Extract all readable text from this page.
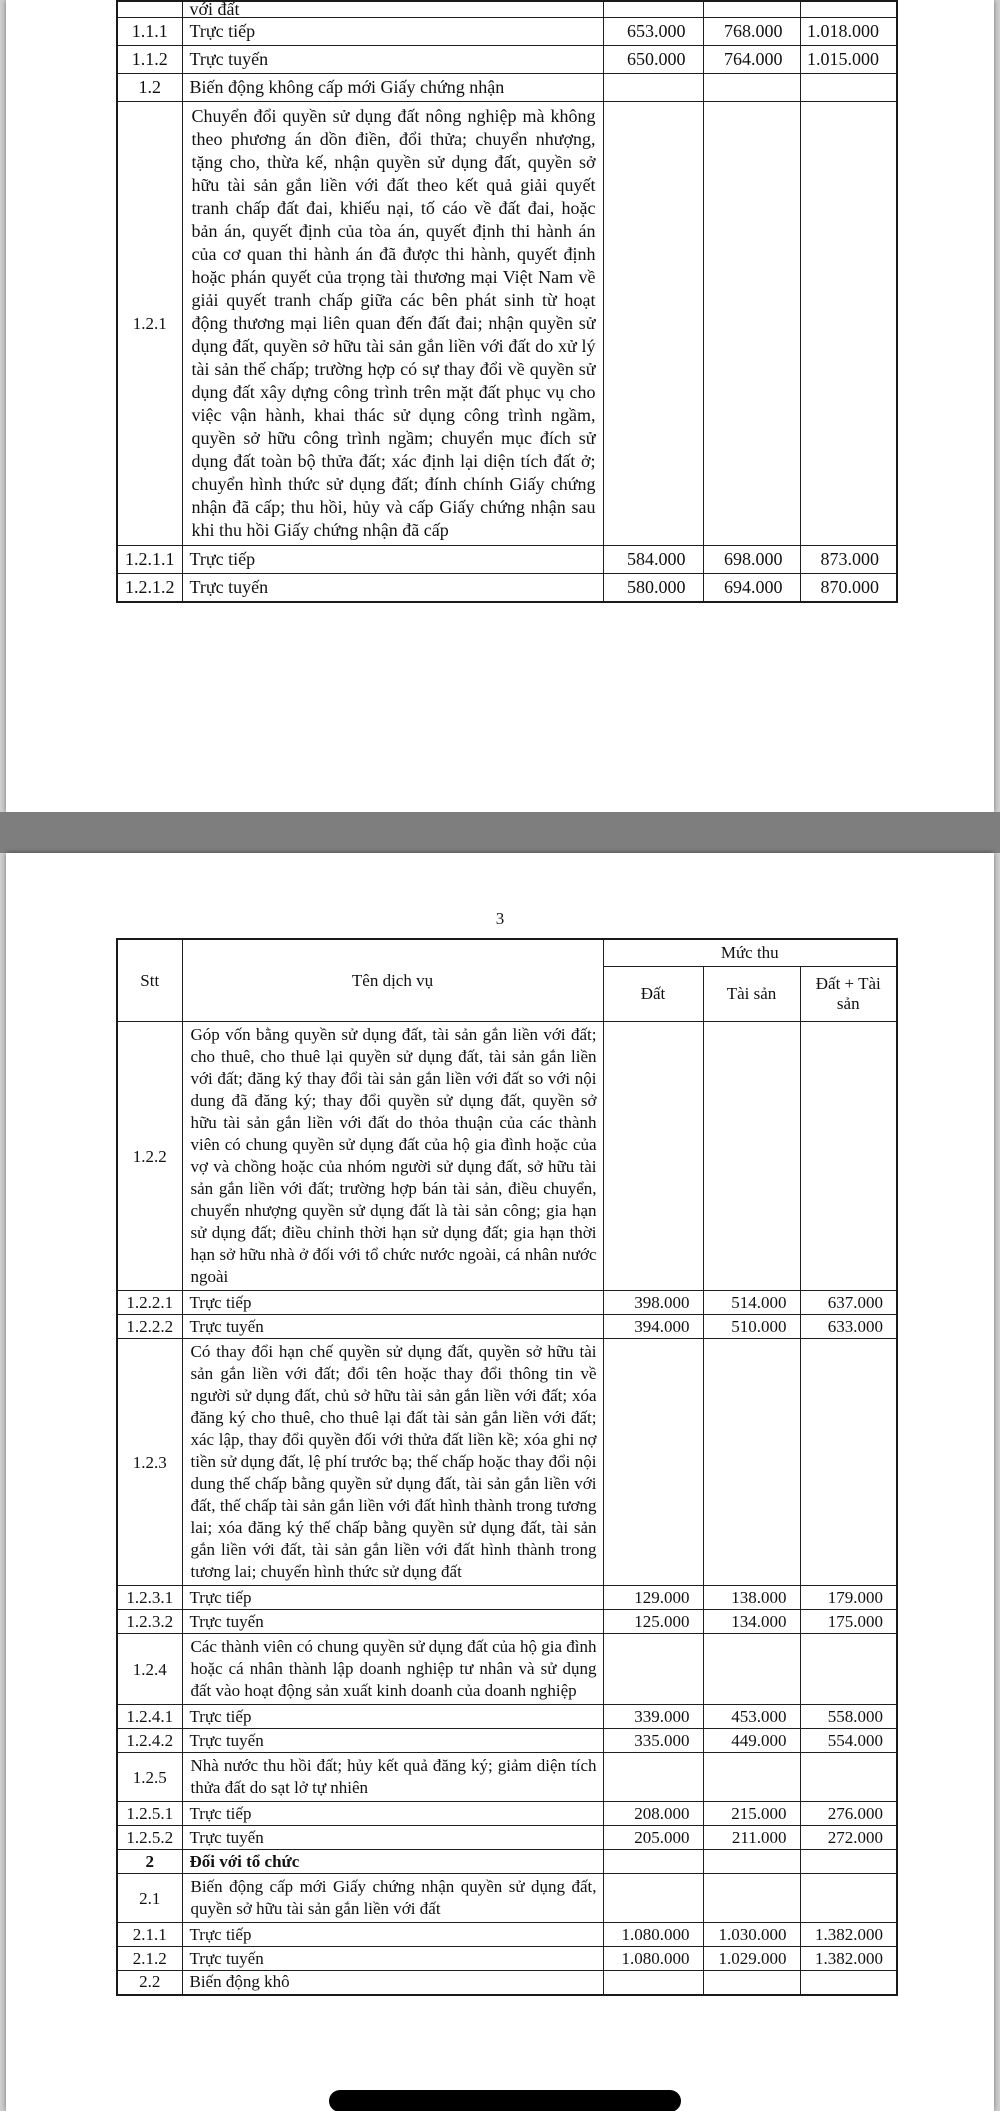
	với đất			
1.1.1	Trực tiếp	653.000	768.000	1.018.000
1.1.2	Trực tuyến	650.000	764.000	1.015.000
1.2	Biến động không cấp mới Giấy chứng nhận			
1.2.1	Chuyển đổi quyền sử dụng đất nông nghiệp mà không theo phương án dồn điền, đổi thửa; chuyển nhượng, tặng cho, thừa kế, nhận quyền sử dụng đất, quyền sở hữu tài sản gắn liền với đất theo kết quả giải quyết tranh chấp đất đai, khiếu nại, tố cáo về đất đai, hoặc bản án, quyết định của tòa án, quyết định thi hành án của cơ quan thi hành án đã được thi hành, quyết định hoặc phán quyết của trọng tài thương mại Việt Nam về giải quyết tranh chấp giữa các bên phát sinh từ hoạt động thương mại liên quan đến đất đai; nhận quyền sử dụng đất, quyền sở hữu tài sản gắn liền với đất do xử lý tài sản thế chấp; trường hợp có sự thay đổi về quyền sử dụng đất xây dựng công trình trên mặt đất phục vụ cho việc vận hành, khai thác sử dụng công trình ngầm, quyền sở hữu công trình ngầm; chuyển mục đích sử dụng đất toàn bộ thửa đất; xác định lại diện tích đất ở; chuyển hình thức sử dụng đất; đính chính Giấy chứng nhận đã cấp; thu hồi, hủy và cấp Giấy chứng nhận sau khi thu hồi Giấy chứng nhận đã cấp			
1.2.1.1	Trực tiếp	584.000	698.000	873.000
1.2.1.2	Trực tuyến	580.000	694.000	870.000
3
Stt	Tên dịch vụ	Mức thu		
		Đất	Tài sản	Đất + Tài sản
1.2.2	Góp vốn bằng quyền sử dụng đất, tài sản gắn liền với đất; cho thuê, cho thuê lại quyền sử dụng đất, tài sản gắn liền với đất; đăng ký thay đổi tài sản gắn liền với đất so với nội dung đã đăng ký; thay đổi quyền sử dụng đất, quyền sở hữu tài sản gắn liền với đất do thỏa thuận của các thành viên có chung quyền sử dụng đất của hộ gia đình hoặc của vợ và chồng hoặc của nhóm người sử dụng đất, sở hữu tài sản gắn liền với đất; trường hợp bán tài sản, điều chuyển, chuyển nhượng quyền sử dụng đất là tài sản công; gia hạn sử dụng đất; điều chỉnh thời hạn sử dụng đất; gia hạn thời hạn sở hữu nhà ở đối với tổ chức nước ngoài, cá nhân nước ngoài			
1.2.2.1	Trực tiếp	398.000	514.000	637.000
1.2.2.2	Trực tuyến	394.000	510.000	633.000
1.2.3	Có thay đổi hạn chế quyền sử dụng đất, quyền sở hữu tài sản gắn liền với đất; đổi tên hoặc thay đổi thông tin về người sử dụng đất, chủ sở hữu tài sản gắn liền với đất; xóa đăng ký cho thuê, cho thuê lại đất tài sản gắn liền với đất; xác lập, thay đổi quyền đối với thửa đất liền kề; xóa ghi nợ tiền sử dụng đất, lệ phí trước bạ; thế chấp hoặc thay đổi nội dung thế chấp bằng quyền sử dụng đất, tài sản gắn liền với đất, thế chấp tài sản gắn liền với đất hình thành trong tương lai; xóa đăng ký thế chấp bằng quyền sử dụng đất, tài sản gắn liền với đất, tài sản gắn liền với đất hình thành trong tương lai; chuyển hình thức sử dụng đất			
1.2.3.1	Trực tiếp	129.000	138.000	179.000
1.2.3.2	Trực tuyến	125.000	134.000	175.000
1.2.4	Các thành viên có chung quyền sử dụng đất của hộ gia đình hoặc cá nhân thành lập doanh nghiệp tư nhân và sử dụng đất vào hoạt động sản xuất kinh doanh của doanh nghiệp			
1.2.4.1	Trực tiếp	339.000	453.000	558.000
1.2.4.2	Trực tuyến	335.000	449.000	554.000
1.2.5	Nhà nước thu hồi đất; hủy kết quả đăng ký; giảm diện tích thửa đất do sạt lở tự nhiên			
1.2.5.1	Trực tiếp	208.000	215.000	276.000
1.2.5.2	Trực tuyến	205.000	211.000	272.000
2	Đối với tổ chức			
2.1	Biến động cấp mới Giấy chứng nhận quyền sử dụng đất, quyền sở hữu tài sản gắn liền với đất			
2.1.1	Trực tiếp	1.080.000	1.030.000	1.382.000
2.1.2	Trực tuyến	1.080.000	1.029.000	1.382.000
2.2	Biến động khô			
